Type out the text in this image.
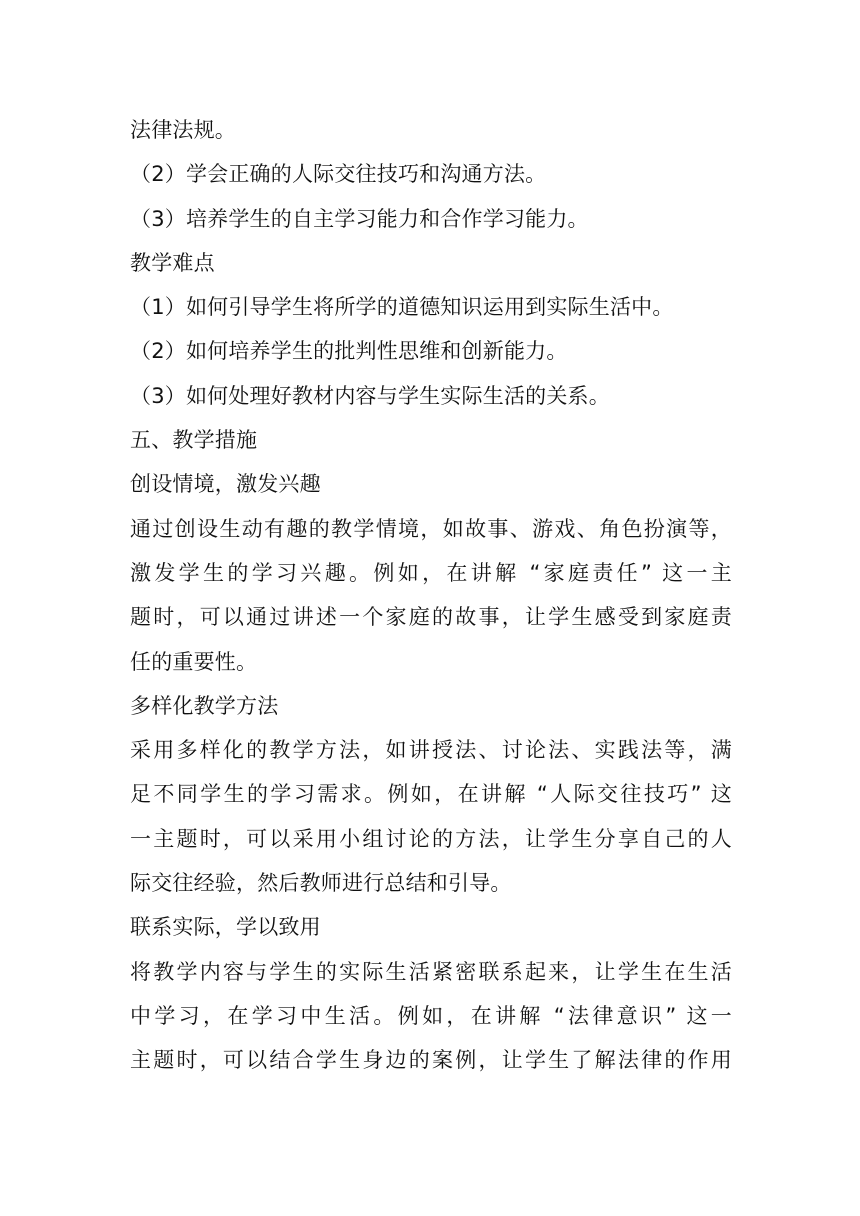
法律法规。
（2）学会正确的人际交往技巧和沟通方法。
（3）培养学生的自主学习能力和合作学习能力。
教学难点
（1）如何引导学生将所学的道德知识运用到实际生活中。
（2）如何培养学生的批判性思维和创新能力。
（3）如何处理好教材内容与学生实际生活的关系。
五、教学措施
创设情境，激发兴趣
通过创设生动有趣的教学情境，如故事、游戏、角色扮演等，
激发学生的学习兴趣。例如，在讲解 “家庭责任” 这一主
题时，可以通过讲述一个家庭的故事，让学生感受到家庭责
任的重要性。
多样化教学方法
采用多样化的教学方法，如讲授法、讨论法、实践法等，满
足不同学生的学习需求。例如，在讲解 “人际交往技巧” 这
一主题时，可以采用小组讨论的方法，让学生分享自己的人
际交往经验，然后教师进行总结和引导。
联系实际，学以致用
将教学内容与学生的实际生活紧密联系起来，让学生在生活
中学习，在学习中生活。例如，在讲解 “法律意识” 这一
主题时，可以结合学生身边的案例，让学生了解法律的作用
